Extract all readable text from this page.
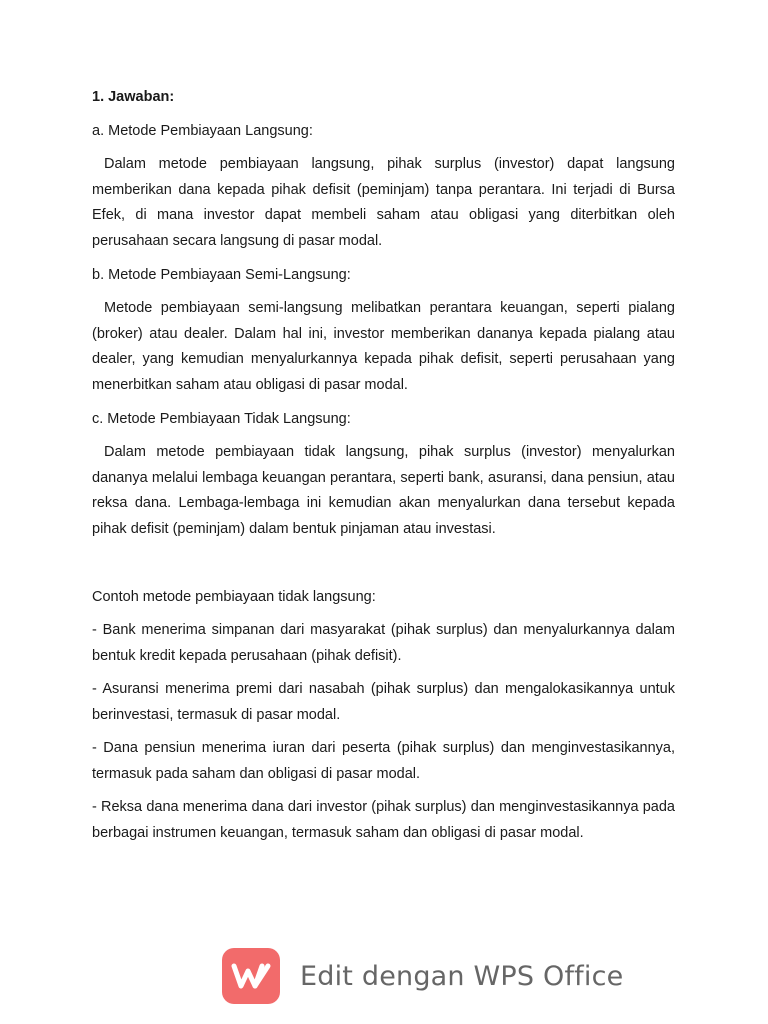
1. Jawaban:

a. Metode Pembiayaan Langsung:

Dalam metode pembiayaan langsung, pihak surplus (investor) dapat langsung memberikan dana kepada pihak defisit (peminjam) tanpa perantara. Ini terjadi di Bursa Efek, di mana investor dapat membeli saham atau obligasi yang diterbitkan oleh perusahaan secara langsung di pasar modal.

b. Metode Pembiayaan Semi-Langsung:

Metode pembiayaan semi-langsung melibatkan perantara keuangan, seperti pialang (broker) atau dealer. Dalam hal ini, investor memberikan dananya kepada pialang atau dealer, yang kemudian menyalurkannya kepada pihak defisit, seperti perusahaan yang menerbitkan saham atau obligasi di pasar modal.

c. Metode Pembiayaan Tidak Langsung:

Dalam metode pembiayaan tidak langsung, pihak surplus (investor) menyalurkan dananya melalui lembaga keuangan perantara, seperti bank, asuransi, dana pensiun, atau reksa dana. Lembaga-lembaga ini kemudian akan menyalurkan dana tersebut kepada pihak defisit (peminjam) dalam bentuk pinjaman atau investasi.

Contoh metode pembiayaan tidak langsung:

- Bank menerima simpanan dari masyarakat (pihak surplus) dan menyalurkannya dalam bentuk kredit kepada perusahaan (pihak defisit).

- Asuransi menerima premi dari nasabah (pihak surplus) dan mengalokasikannya untuk berinvestasi, termasuk di pasar modal.

- Dana pensiun menerima iuran dari peserta (pihak surplus) dan menginvestasikannya, termasuk pada saham dan obligasi di pasar modal.

- Reksa dana menerima dana dari investor (pihak surplus) dan menginvestasikannya pada berbagai instrumen keuangan, termasuk saham dan obligasi di pasar modal.

Edit dengan WPS Office
